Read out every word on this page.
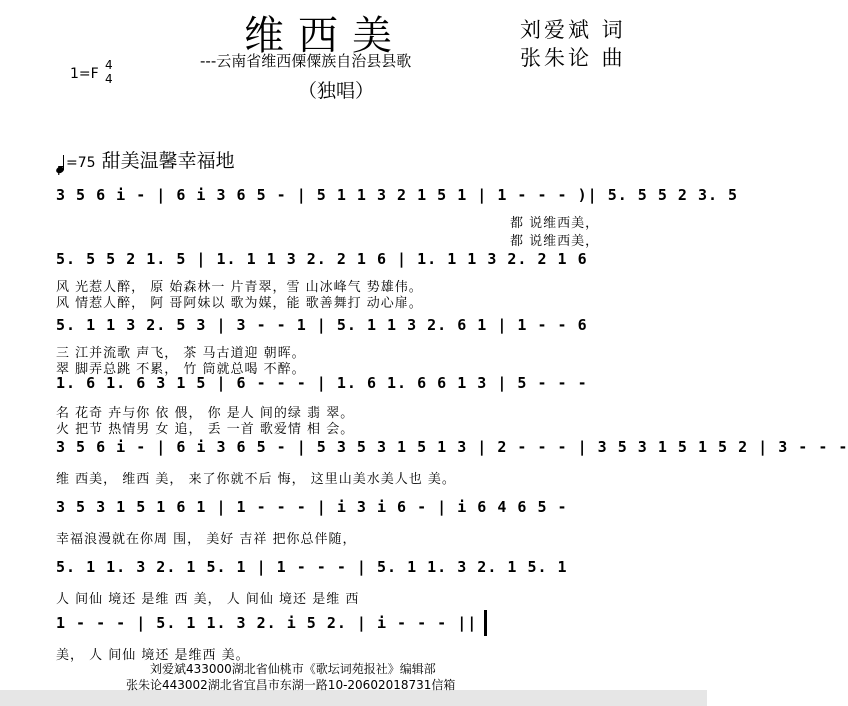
维西美	刘爱斌 词
张朱论 曲
---云南省维西傈僳族自治县县歌
（独唱）
1=F
4
4
=75 甜美温馨幸福地
F
3 5 6 i - | 6 i 3 6 5 - | 5 1 1 3 2 1 5 1 | 1 - - - )| 5. 5 5 2 3. 5
都 说维西美，
都 说维西美，
5. 5 5 2 1. 5 | 1. 1 1 3 2. 2 1 6 | 1. 1 1 3 2. 2 1 6
风 光惹人醉， 原 始森林一 片青翠，雪 山冰峰气 势雄伟。
风 情惹人醉， 阿 哥阿妹以 歌为媒，能 歌善舞打 动心扉。
5. 1 1 3 2. 5 3 | 3 - - 1 | 5. 1 1 3 2. 6 1 | 1 - - 6
三 江并流歌 声飞， 茶 马古道迎 朝晖。
翠 脚弄总跳 不累， 竹 筒就总喝 不醉。
1. 6 1. 6 3 1 5 | 6 - - - | 1. 6 1. 6 6 1 3 | 5 - - -
名 花奇 卉与你 依 偎， 你 是人 间的绿 翡 翠。
火 把节 热情男 女 追， 丢 一首 歌爱情 相 会。
3 5 6 i - | 6 i 3 6 5 - | 5 3 5 3 1 5 1 3 | 2 - - - | 3 5 3 1 5 1 5 2 | 3 - - -
维 西美， 维西 美， 来了你就不后 悔， 这里山美水美人也 美。
3 5 3 1 5 1 6 1 | 1 - - - | i 3 i 6 - | i 6 4 6 5 -
幸福浪漫就在你周 围， 美好 吉祥 把你总伴随，
5. 1 1. 3 2. 1 5. 1 | 1 - - - | 5. 1 1. 3 2. 1 5. 1
人 间仙 境还 是维 西 美， 人 间仙 境还 是维 西
1 - - - | 5. 1 1. 3 2. i 5 2. | i - - - ||
美， 人 间仙 境还 是维西 美。
刘爱斌433000湖北省仙桃市《歌坛词苑报社》编辑部
张朱论443002湖北省宜昌市东湖一路10-20602018731信箱
